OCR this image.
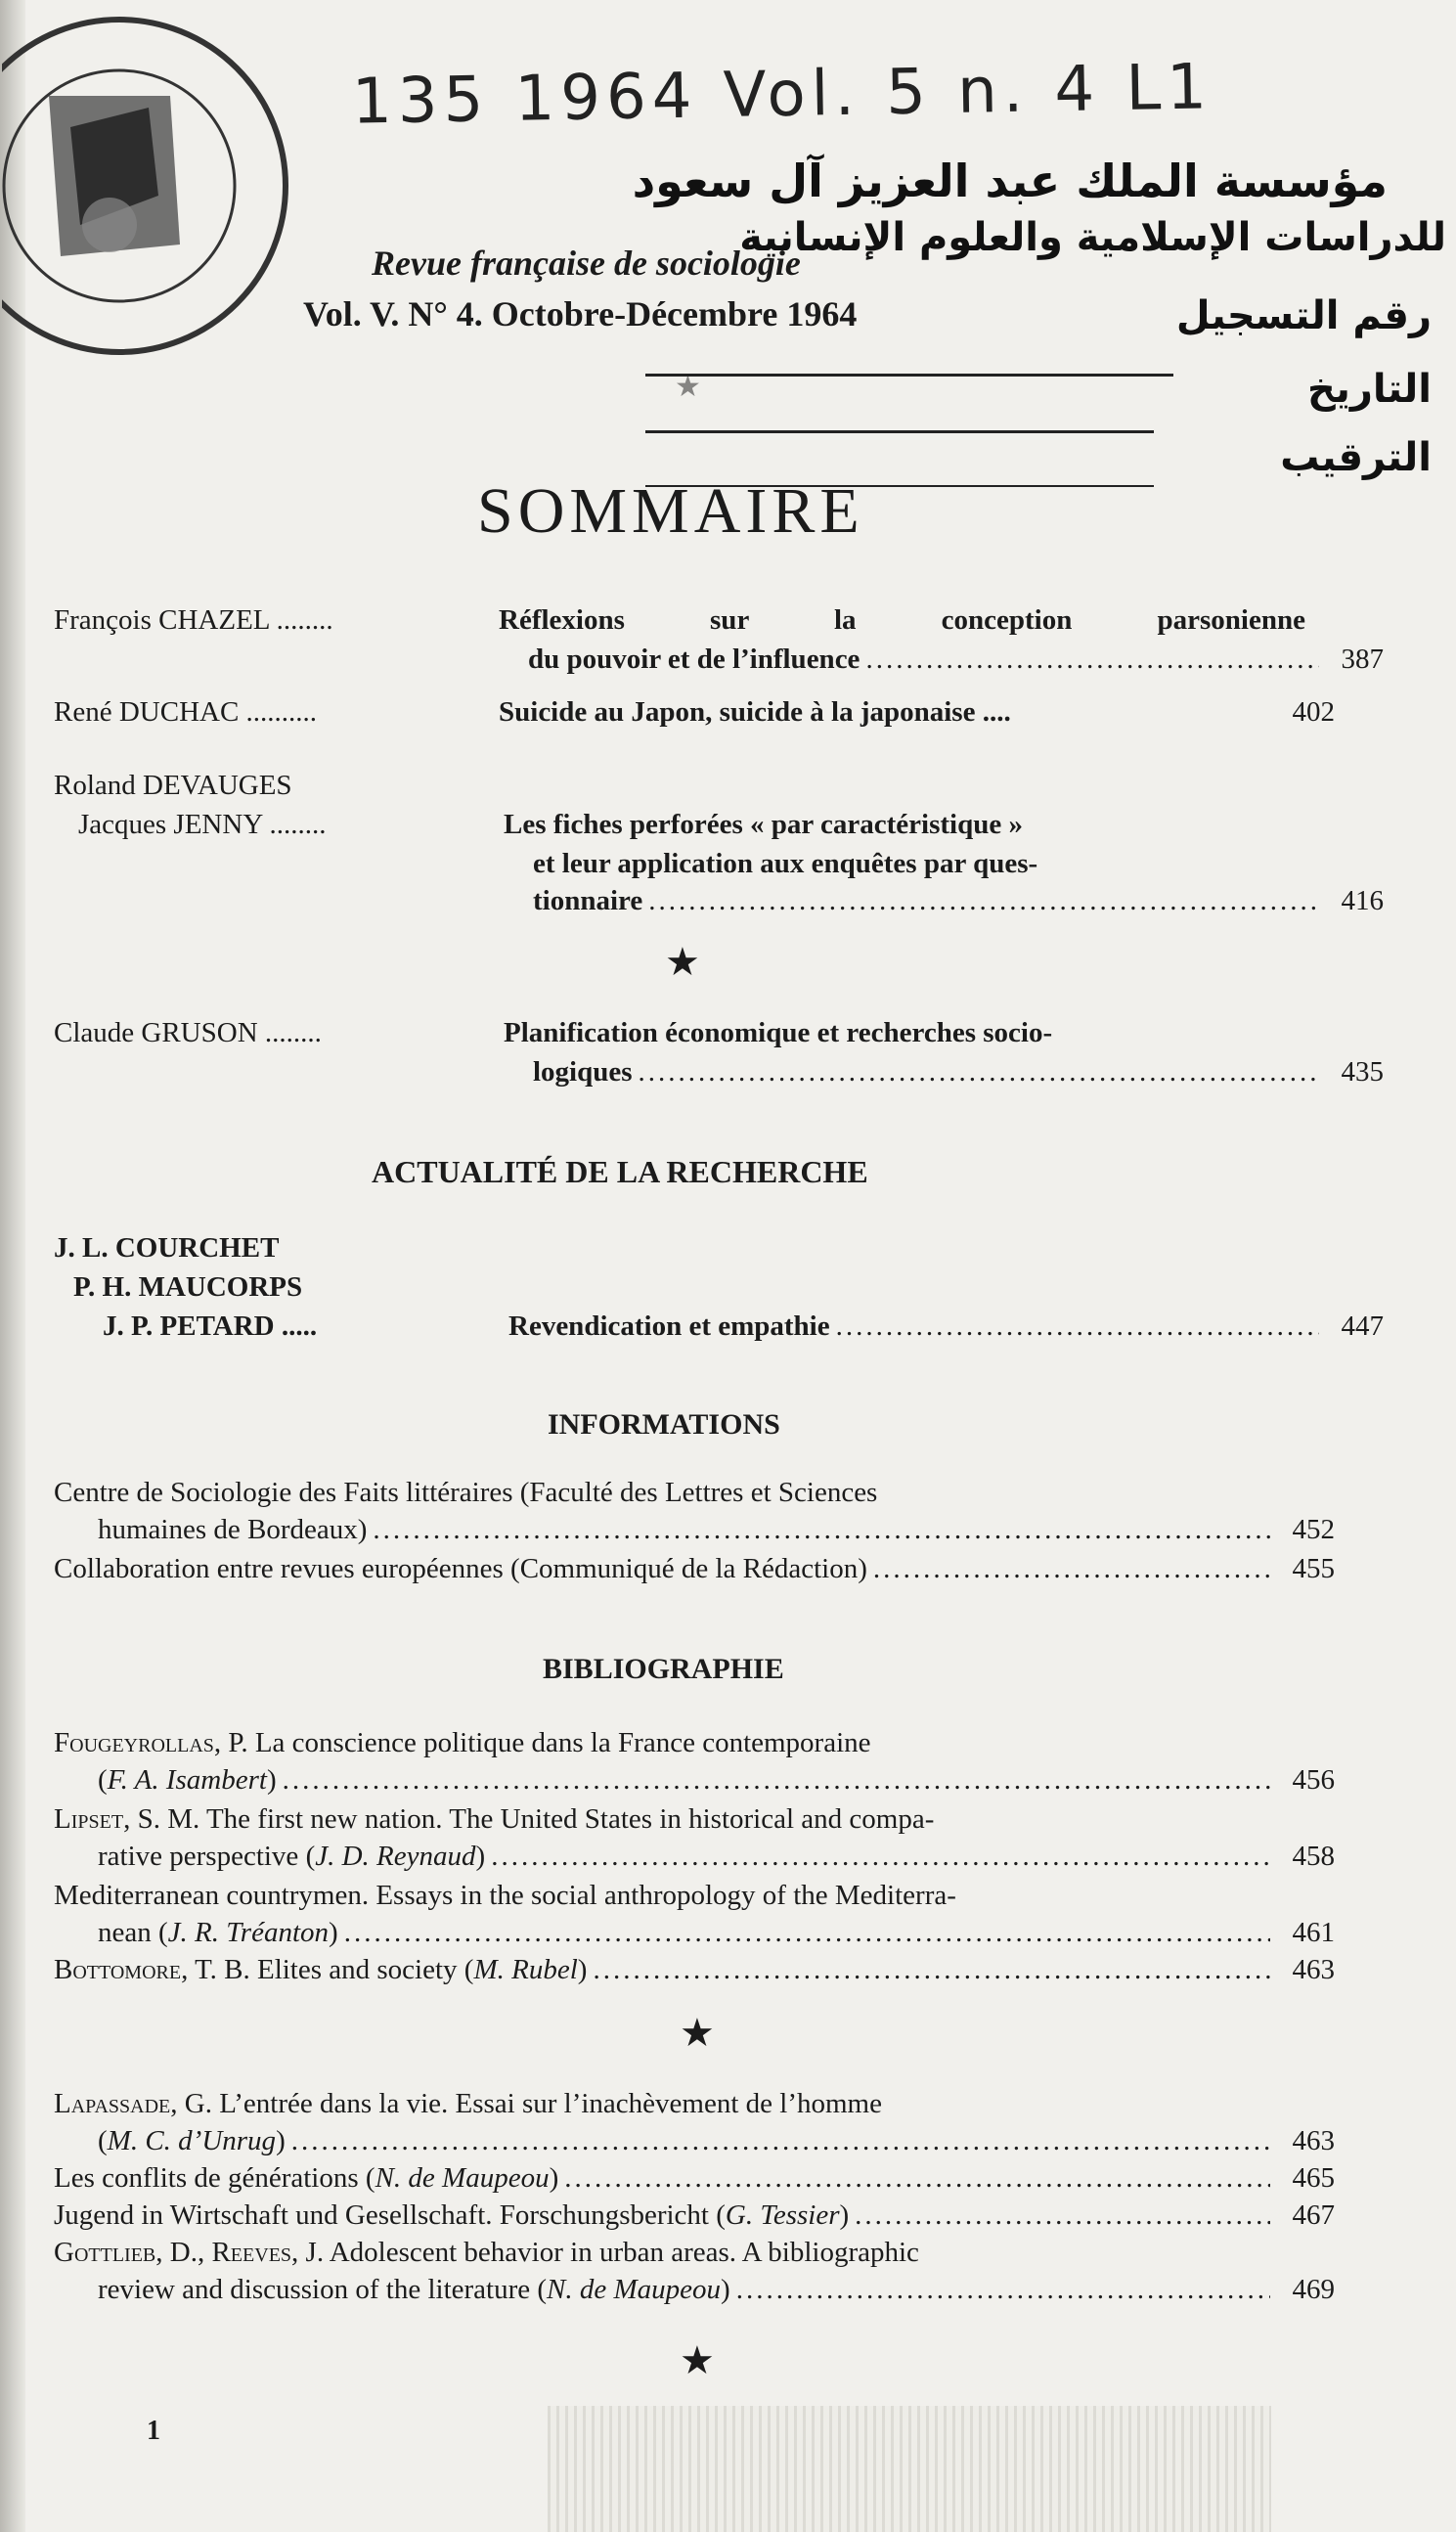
135 1964 Vol. 5 n. 4 L1
مؤسسة الملك عبد العزيز آل سعود
للدراسات الإسلامية والعلوم الإنسانية
رقم التسجيل
التاريخ
الترقيب
Revue française de sociologie
Vol. V. N° 4. Octobre-Décembre 1964
★
SOMMAIRE
François CHAZEL ........	Réflexions sur la conception parsonienne
du pouvoir et de l’influence .....	387
René DUCHAC ..........	Suicide au Japon, suicide à la japonaise ....	402
Roland DEVAUGES
Jacques JENNY ........	Les fiches perforées « par caractéristique »
et leur application aux enquêtes par ques-
tionnaire .....	416
★
Claude GRUSON ........	Planification économique et recherches socio-
logiques .....	435
ACTUALITÉ DE LA RECHERCHE
J. L. COURCHET
P. H. MAUCORPS
J. P. PETARD .....	Revendication et empathie .....	447
INFORMATIONS
Centre de Sociologie des Faits littéraires (Faculté des Lettres et Sciences
humaines de Bordeaux) .....	452
Collaboration entre revues européennes (Communiqué de la Rédaction) .....	455
BIBLIOGRAPHIE
Fougeyrollas, P. La conscience politique dans la France contemporaine
(F. A. Isambert) .....	456
Lipset, S. M. The first new nation. The United States in historical and compa-
rative perspective (J. D. Reynaud) .....	458
Mediterranean countrymen. Essays in the social anthropology of the Mediterra-
nean (J. R. Tréanton) .....	461
Bottomore, T. B. Elites and society (M. Rubel) .....	463
★
Lapassade, G. L’entrée dans la vie. Essai sur l’inachèvement de l’homme
(M. C. d’Unrug) .....	463
Les conflits de générations (N. de Maupeou) .....	465
Jugend in Wirtschaft und Gesellschaft. Forschungsbericht (G. Tessier) .....	467
Gottlieb, D., Reeves, J. Adolescent behavior in urban areas. A bibliographic
review and discussion of the literature (N. de Maupeou) .....	469
★
1
